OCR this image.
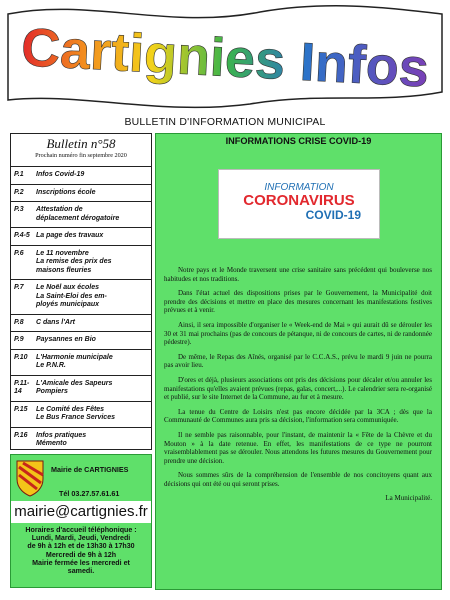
Cartignies Infos
BULLETIN D'INFORMATION MUNICIPAL
Bulletin n°58
Prochain numéro fin septembre 2020
P.1	Infos Covid-19
P.2	Inscriptions école
P.3	Attestation de
déplacement dérogatoire
P.4-5 La page des travaux
P.6	Le 11 novembre
La remise des prix des
maisons fleuries
P.7	Le Noël aux écoles
La Saint-Eloi des em-
ployés municipaux
P.8	C dans l'Art
P.9	Paysannes en Bio
P.10	L'Harmonie municipale
Le P.N.R.
P.11-14
L'Amicale des Sapeurs
Pompiers
P.15	Le Comité des Fêtes
Le Bus France Services
P.16	Infos pratiques
Mémento
Mairie de CARTIGNIES
Tél 03.27.57.61.61
mairie@cartignies.fr
Horaires d'accueil téléphonique :
Lundi, Mardi, Jeudi, Vendredi
de 9h à 12h et de 13h30 à 17h30
Mercredi de 9h à 12h
Mairie fermée les mercredi et
samedi.
INFORMATIONS CRISE COVID-19
INFORMATION
CORONAVIRUS
COVID-19

Notre pays et le Monde traversent une crise sanitaire sans précédent qui bouleverse nos habitudes et nos traditions.

Dans l'état actuel des dispositions prises par le Gouvernement, la Municipalité doit prendre des décisions et mettre en place des mesures concernant les manifestations festives prévues et à venir.

Ainsi, il sera impossible d'organiser le « Week-end de Mai » qui aurait dû se dérouler les 30 et 31 mai prochains (pas de concours de pétanque, ni de concours de cartes, ni de randonnée pédestre).

De même, le Repas des Aînés, organisé par le C.C.A.S., prévu le mardi 9 juin ne pourra pas avoir lieu.

D'ores et déjà, plusieurs associations ont pris des décisions pour décaler et/ou annuler les manifestations qu'elles avaient prévues (repas, galas, concert,...). Le calendrier sera re-organisé et publié, sur le site Internet de la Commune, au fur et à mesure.

La tenue du Centre de Loisirs n'est pas encore décidée par la 3CA ; dès que la Communauté de Communes aura pris sa décision, l'information sera communiquée.

Il ne semble pas raisonnable, pour l'instant, de maintenir la « Fête de la Chèvre et du Mouton » à la date retenue. En effet, les manifestations de ce type ne pourront vraisemblablement pas se dérouler. Nous attendons les futures mesures du Gouvernement pour prendre une décision.

Nous sommes sûrs de la compréhension de l'ensemble de nos concitoyens quant aux décisions qui ont été ou qui seront prises.

La Municipalité.
